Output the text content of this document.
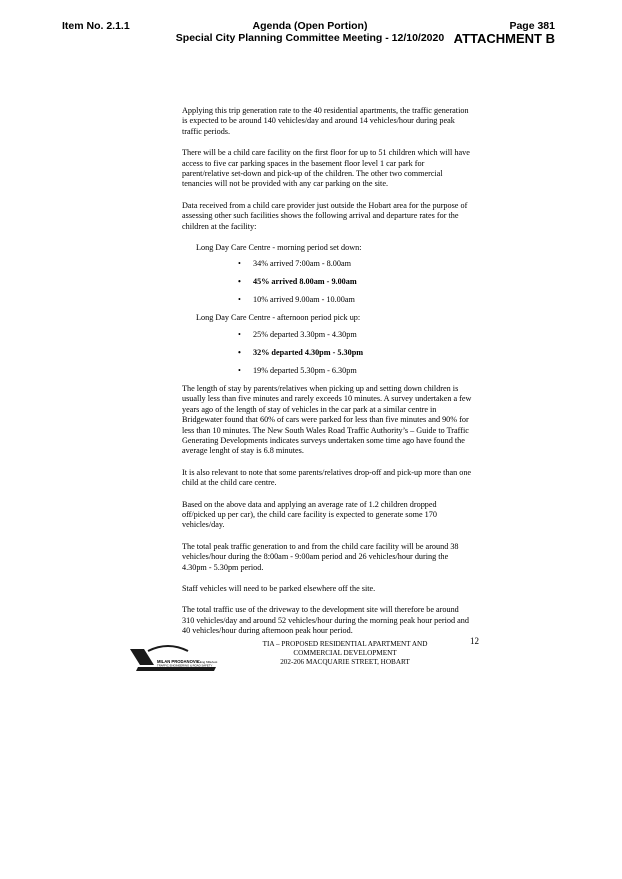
Item No. 2.1.1	Agenda (Open Portion)
Special City Planning Committee Meeting - 12/10/2020
Page 381
ATTACHMENT B

Applying this trip generation rate to the 40 residential apartments, the traffic generation is expected to be around 140 vehicles/day and around 14 vehicles/hour during peak traffic periods.

There will be a child care facility on the first floor for up to 51 children which will have access to five car parking spaces in the basement floor level 1 car park for parent/relative set-down and pick-up of the children. The other two commercial tenancies will not be provided with any car parking on the site.

Data received from a child care provider just outside the Hobart area for the purpose of assessing other such facilities shows the following arrival and departure rates for the children at the facility:

Long Day Care Centre - morning period set down:
• 34% arrived 7:00am - 8.00am
• 45% arrived 8.00am - 9.00am
• 10% arrived 9.00am - 10.00am
Long Day Care Centre - afternoon period pick up:
• 25% departed 3.30pm - 4.30pm
• 32% departed 4.30pm - 5.30pm
• 19% departed 5.30pm - 6.30pm

The length of stay by parents/relatives when picking up and setting down children is usually less than five minutes and rarely exceeds 10 minutes. A survey undertaken a few years ago of the length of stay of vehicles in the car park at a similar centre in Bridgewater found that 60% of cars were parked for less than five minutes and 90% for less than 10 minutes. The New South Wales Road Traffic Authority’s – Guide to Traffic Generating Developments indicates surveys undertaken some time ago have found the average lenght of stay is 6.8 minutes.

It is also relevant to note that some parents/relatives drop-off and pick-up more than one child at the child care centre.

Based on the above data and applying an average rate of 1.2 children dropped off/picked up per car), the child care facility is expected to generate some 170 vehicles/day.

The total peak traffic generation to and from the child care facility will be around 38 vehicles/hour during the 8:00am - 9:00am period and 26 vehicles/hour during the 4.30pm - 5.30pm period.

Staff vehicles will need to be parked elsewhere off the site.

The total traffic use of the driveway to the development site will therefore be around 310 vehicles/day and around 52 vehicles/hour during the morning peak hour period and 40 vehicles/hour during afternoon peak hour period.

MILAN PRODANOVIC
B.Eng MIEAust
TRAFFIC ENGINEERING & ROAD SAFETY
TIA – PROPOSED RESIDENTIAL APARTMENT AND
COMMERCIAL DEVELOPMENT
202-206 MACQUARIE STREET, HOBART
12
